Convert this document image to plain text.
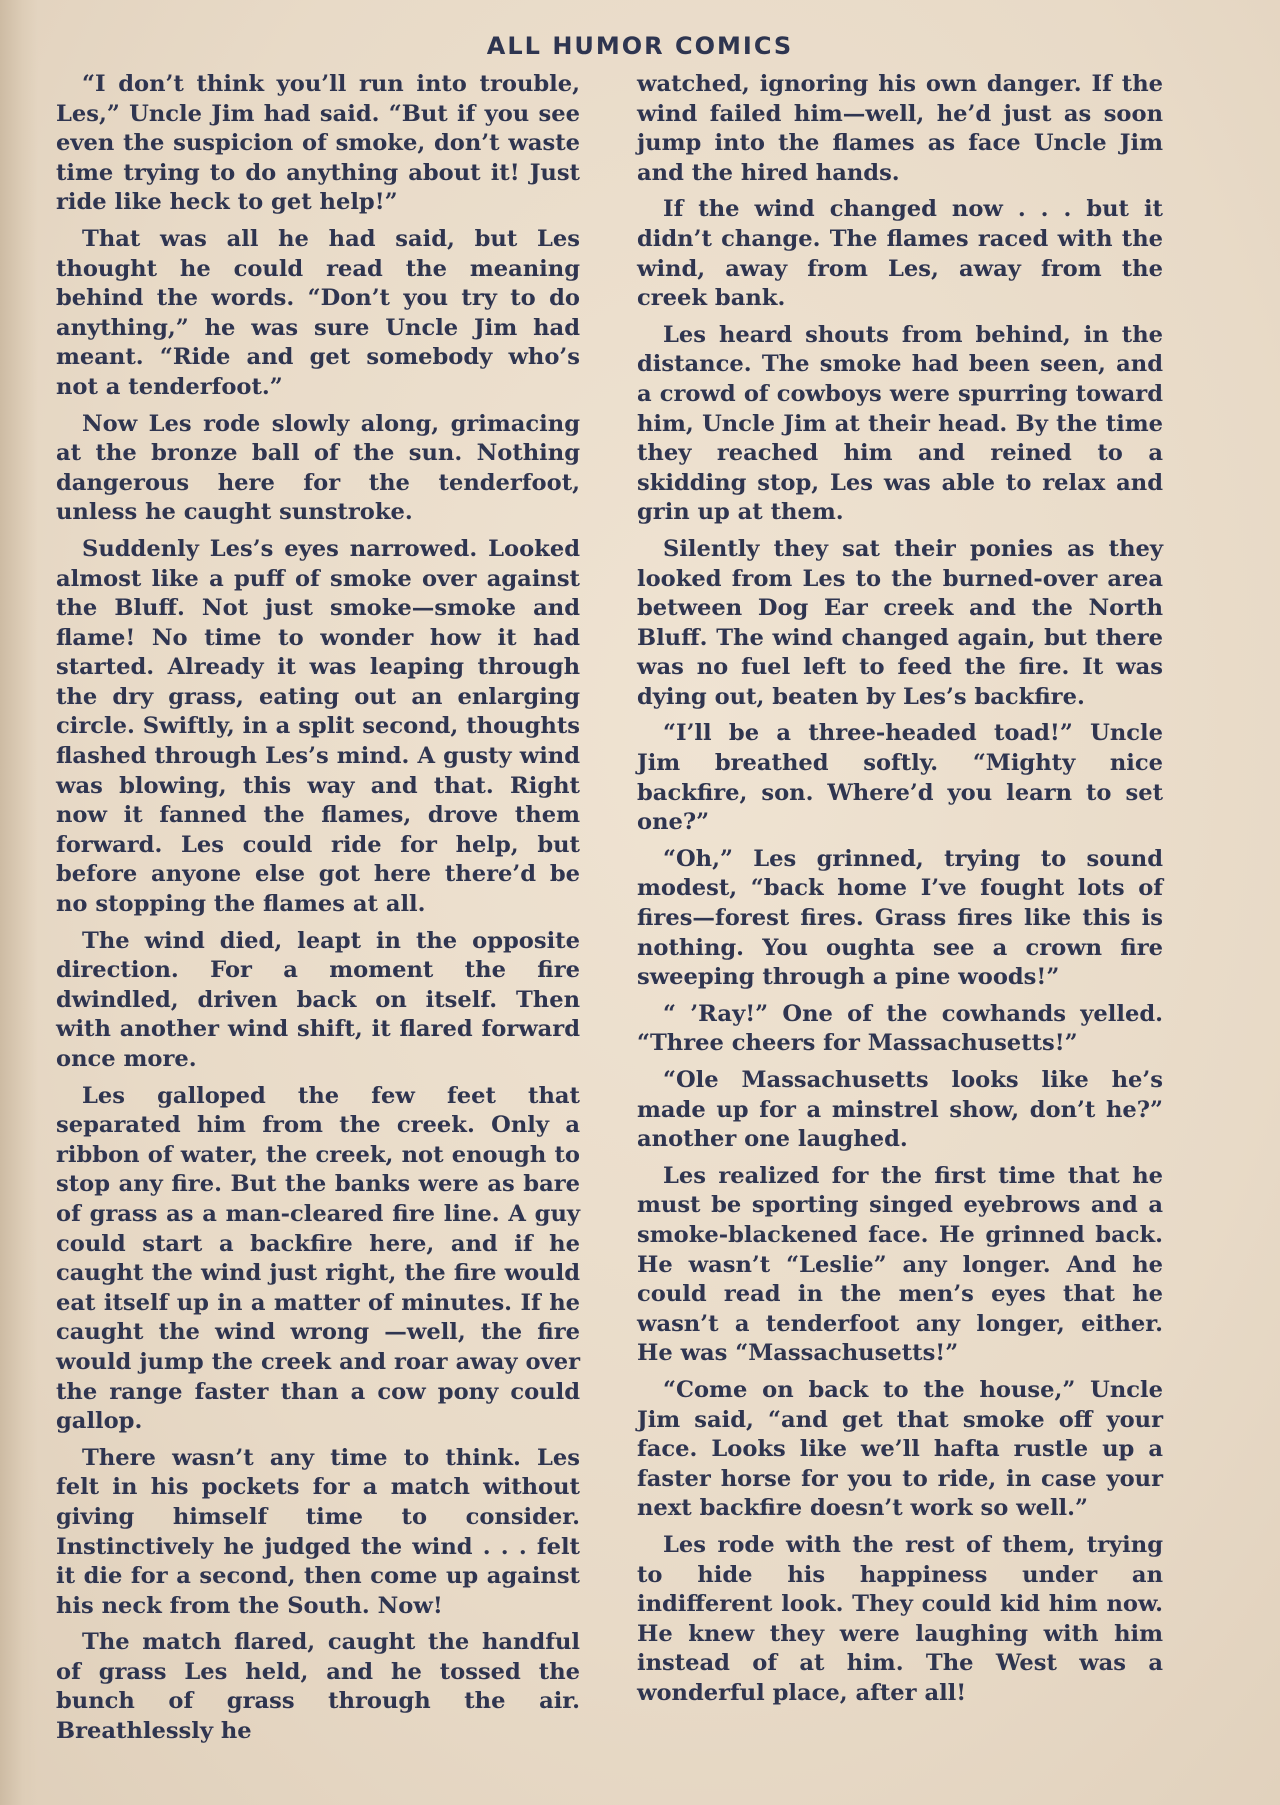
ALL HUMOR COMICS

“I don’t think you’ll run into trouble, Les,” Uncle Jim had said. “But if you see even the suspicion of smoke, don’t waste time trying to do anything about it! Just ride like heck to get help!”

That was all he had said, but Les thought he could read the meaning behind the words. “Don’t you try to do anything,” he was sure Uncle Jim had meant. “Ride and get somebody who’s not a tenderfoot.”

Now Les rode slowly along, grimacing at the bronze ball of the sun. Nothing dangerous here for the tenderfoot, unless he caught sunstroke.

Suddenly Les’s eyes narrowed. Looked almost like a puff of smoke over against the Bluff. Not just smoke—smoke and flame! No time to wonder how it had started. Already it was leaping through the dry grass, eating out an enlarging circle. Swiftly, in a split second, thoughts flashed through Les’s mind. A gusty wind was blowing, this way and that. Right now it fanned the flames, drove them forward. Les could ride for help, but before anyone else got here there’d be no stopping the flames at all.

The wind died, leapt in the opposite direction. For a moment the fire dwindled, driven back on itself. Then with another wind shift, it flared forward once more.

Les galloped the few feet that separated him from the creek. Only a ribbon of water, the creek, not enough to stop any fire. But the banks were as bare of grass as a man-cleared fire line. A guy could start a backfire here, and if he caught the wind just right, the fire would eat itself up in a matter of minutes. If he caught the wind wrong —well, the fire would jump the creek and roar away over the range faster than a cow pony could gallop.

There wasn’t any time to think. Les felt in his pockets for a match without giving himself time to consider. Instinctively he judged the wind . . . felt it die for a second, then come up against his neck from the South. Now!

The match flared, caught the handful of grass Les held, and he tossed the bunch of grass through the air. Breathlessly he

watched, ignoring his own danger. If the wind failed him—well, he’d just as soon jump into the flames as face Uncle Jim and the hired hands.

If the wind changed now . . . but it didn’t change. The flames raced with the wind, away from Les, away from the creek bank.

Les heard shouts from behind, in the distance. The smoke had been seen, and a crowd of cowboys were spurring toward him, Uncle Jim at their head. By the time they reached him and reined to a skidding stop, Les was able to relax and grin up at them.

Silently they sat their ponies as they looked from Les to the burned-over area between Dog Ear creek and the North Bluff. The wind changed again, but there was no fuel left to feed the fire. It was dying out, beaten by Les’s backfire.

“I’ll be a three-headed toad!” Uncle Jim breathed softly. “Mighty nice backfire, son. Where’d you learn to set one?”

“Oh,” Les grinned, trying to sound modest, “back home I’ve fought lots of fires—forest fires. Grass fires like this is nothing. You oughta see a crown fire sweeping through a pine woods!”

“ ’Ray!” One of the cowhands yelled. “Three cheers for Massachusetts!”

“Ole Massachusetts looks like he’s made up for a minstrel show, don’t he?” another one laughed.

Les realized for the first time that he must be sporting singed eyebrows and a smoke-blackened face. He grinned back. He wasn’t “Leslie” any longer. And he could read in the men’s eyes that he wasn’t a tenderfoot any longer, either. He was “Massachusetts!”

“Come on back to the house,” Uncle Jim said, “and get that smoke off your face. Looks like we’ll hafta rustle up a faster horse for you to ride, in case your next backfire doesn’t work so well.”

Les rode with the rest of them, trying to hide his happiness under an indifferent look. They could kid him now. He knew they were laughing with him instead of at him. The West was a wonderful place, after all!
